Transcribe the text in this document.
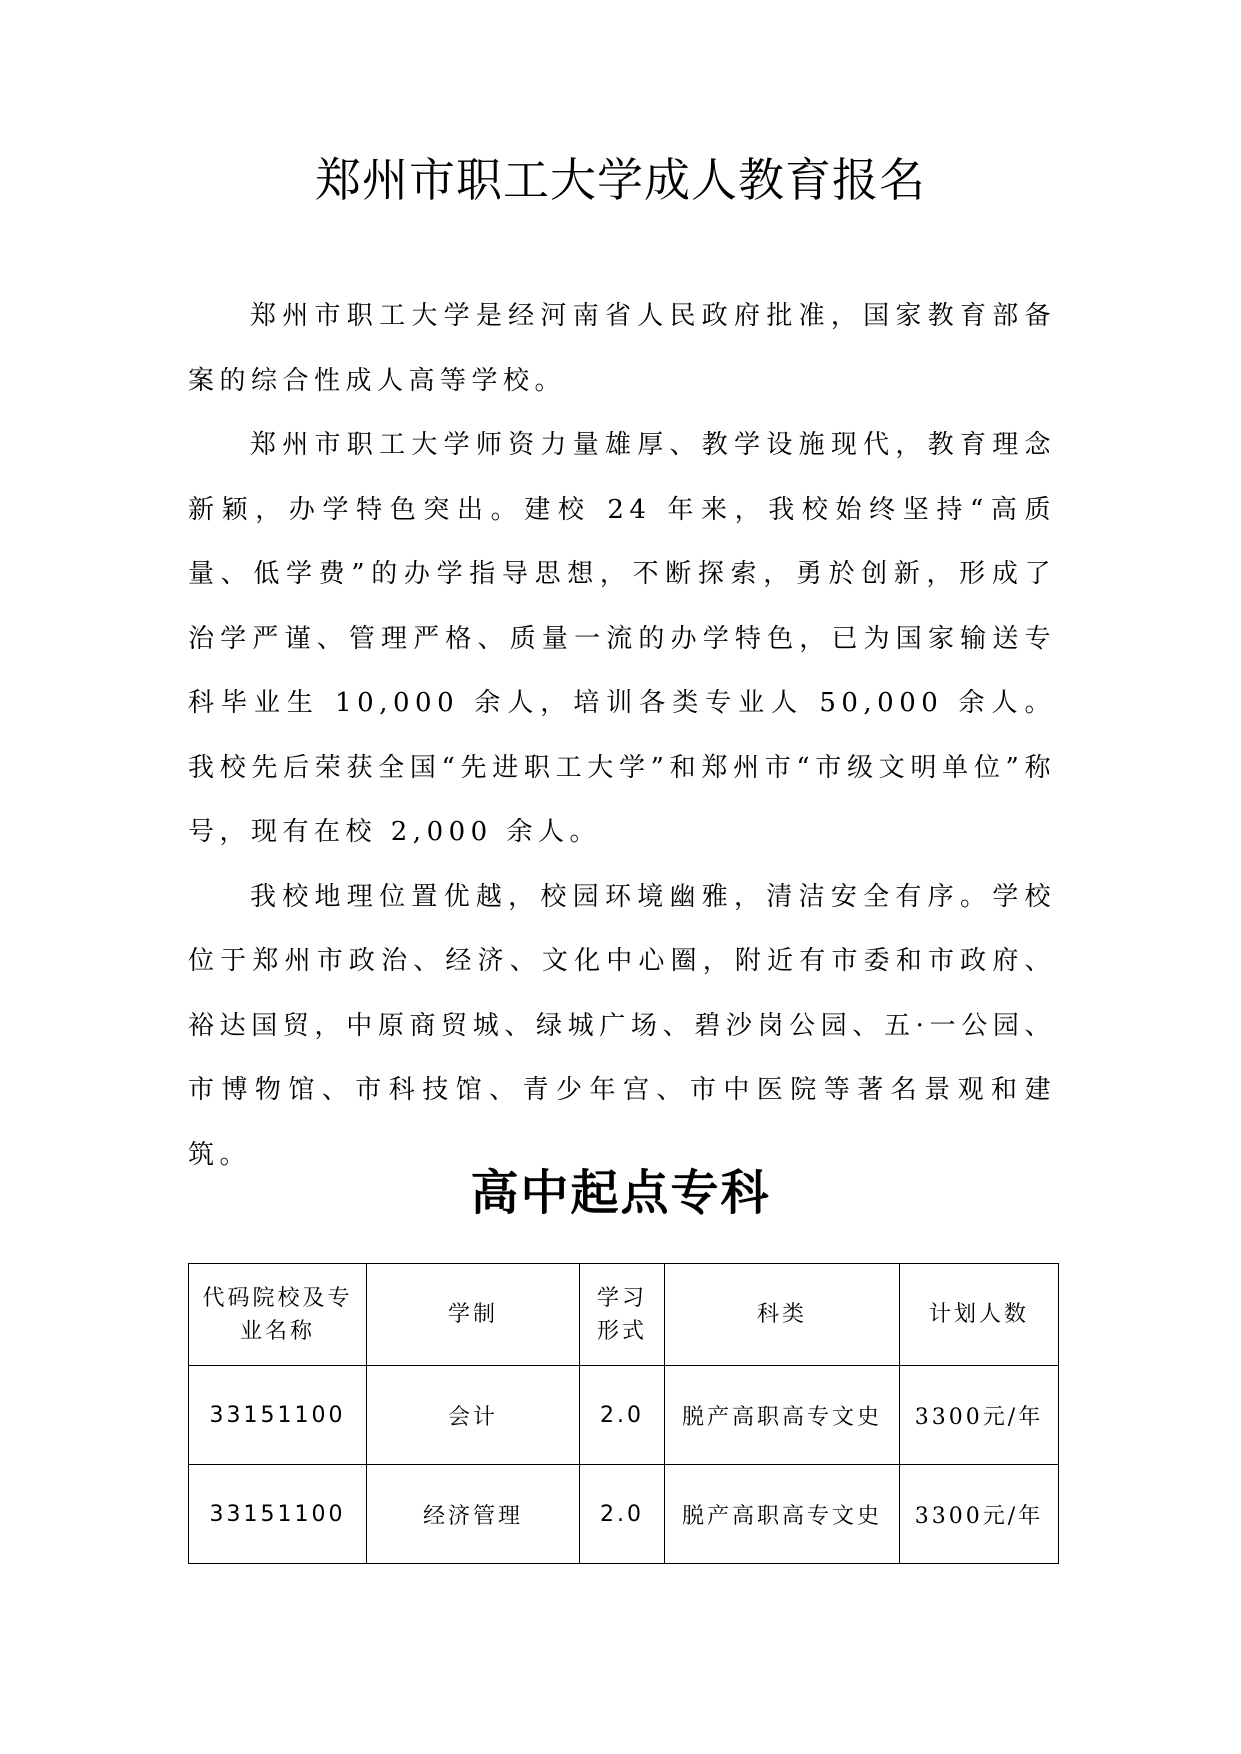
郑州市职工大学成人教育报名

郑州市职工大学是经河南省人民政府批准，国家教育部备案的综合性成人高等学校。

郑州市职工大学师资力量雄厚、教学设施现代，教育理念新颖，办学特色突出。建校 24 年来，我校始终坚持“高质量、低学费”的办学指导思想，不断探索，勇於创新，形成了治学严谨、管理严格、质量一流的办学特色，已为国家输送专科毕业生 10,000 余人，培训各类专业人 50,000 余人。我校先后荣获全国“先进职工大学”和郑州市“市级文明单位”称号，现有在校 2,000 余人。

我校地理位置优越，校园环境幽雅，清洁安全有序。学校位于郑州市政治、经济、文化中心圈，附近有市委和市政府、裕达国贸，中原商贸城、绿城广场、碧沙岗公园、五·一公园、市博物馆、市科技馆、青少年宫、市中医院等著名景观和建筑。

高中起点专科
代码院校及专业名称	学制	学习形式	科类	计划人数
33151100	会计	2.0	脱产高职高专文史	3300元/年
33151100	经济管理	2.0	脱产高职高专文史	3300元/年
